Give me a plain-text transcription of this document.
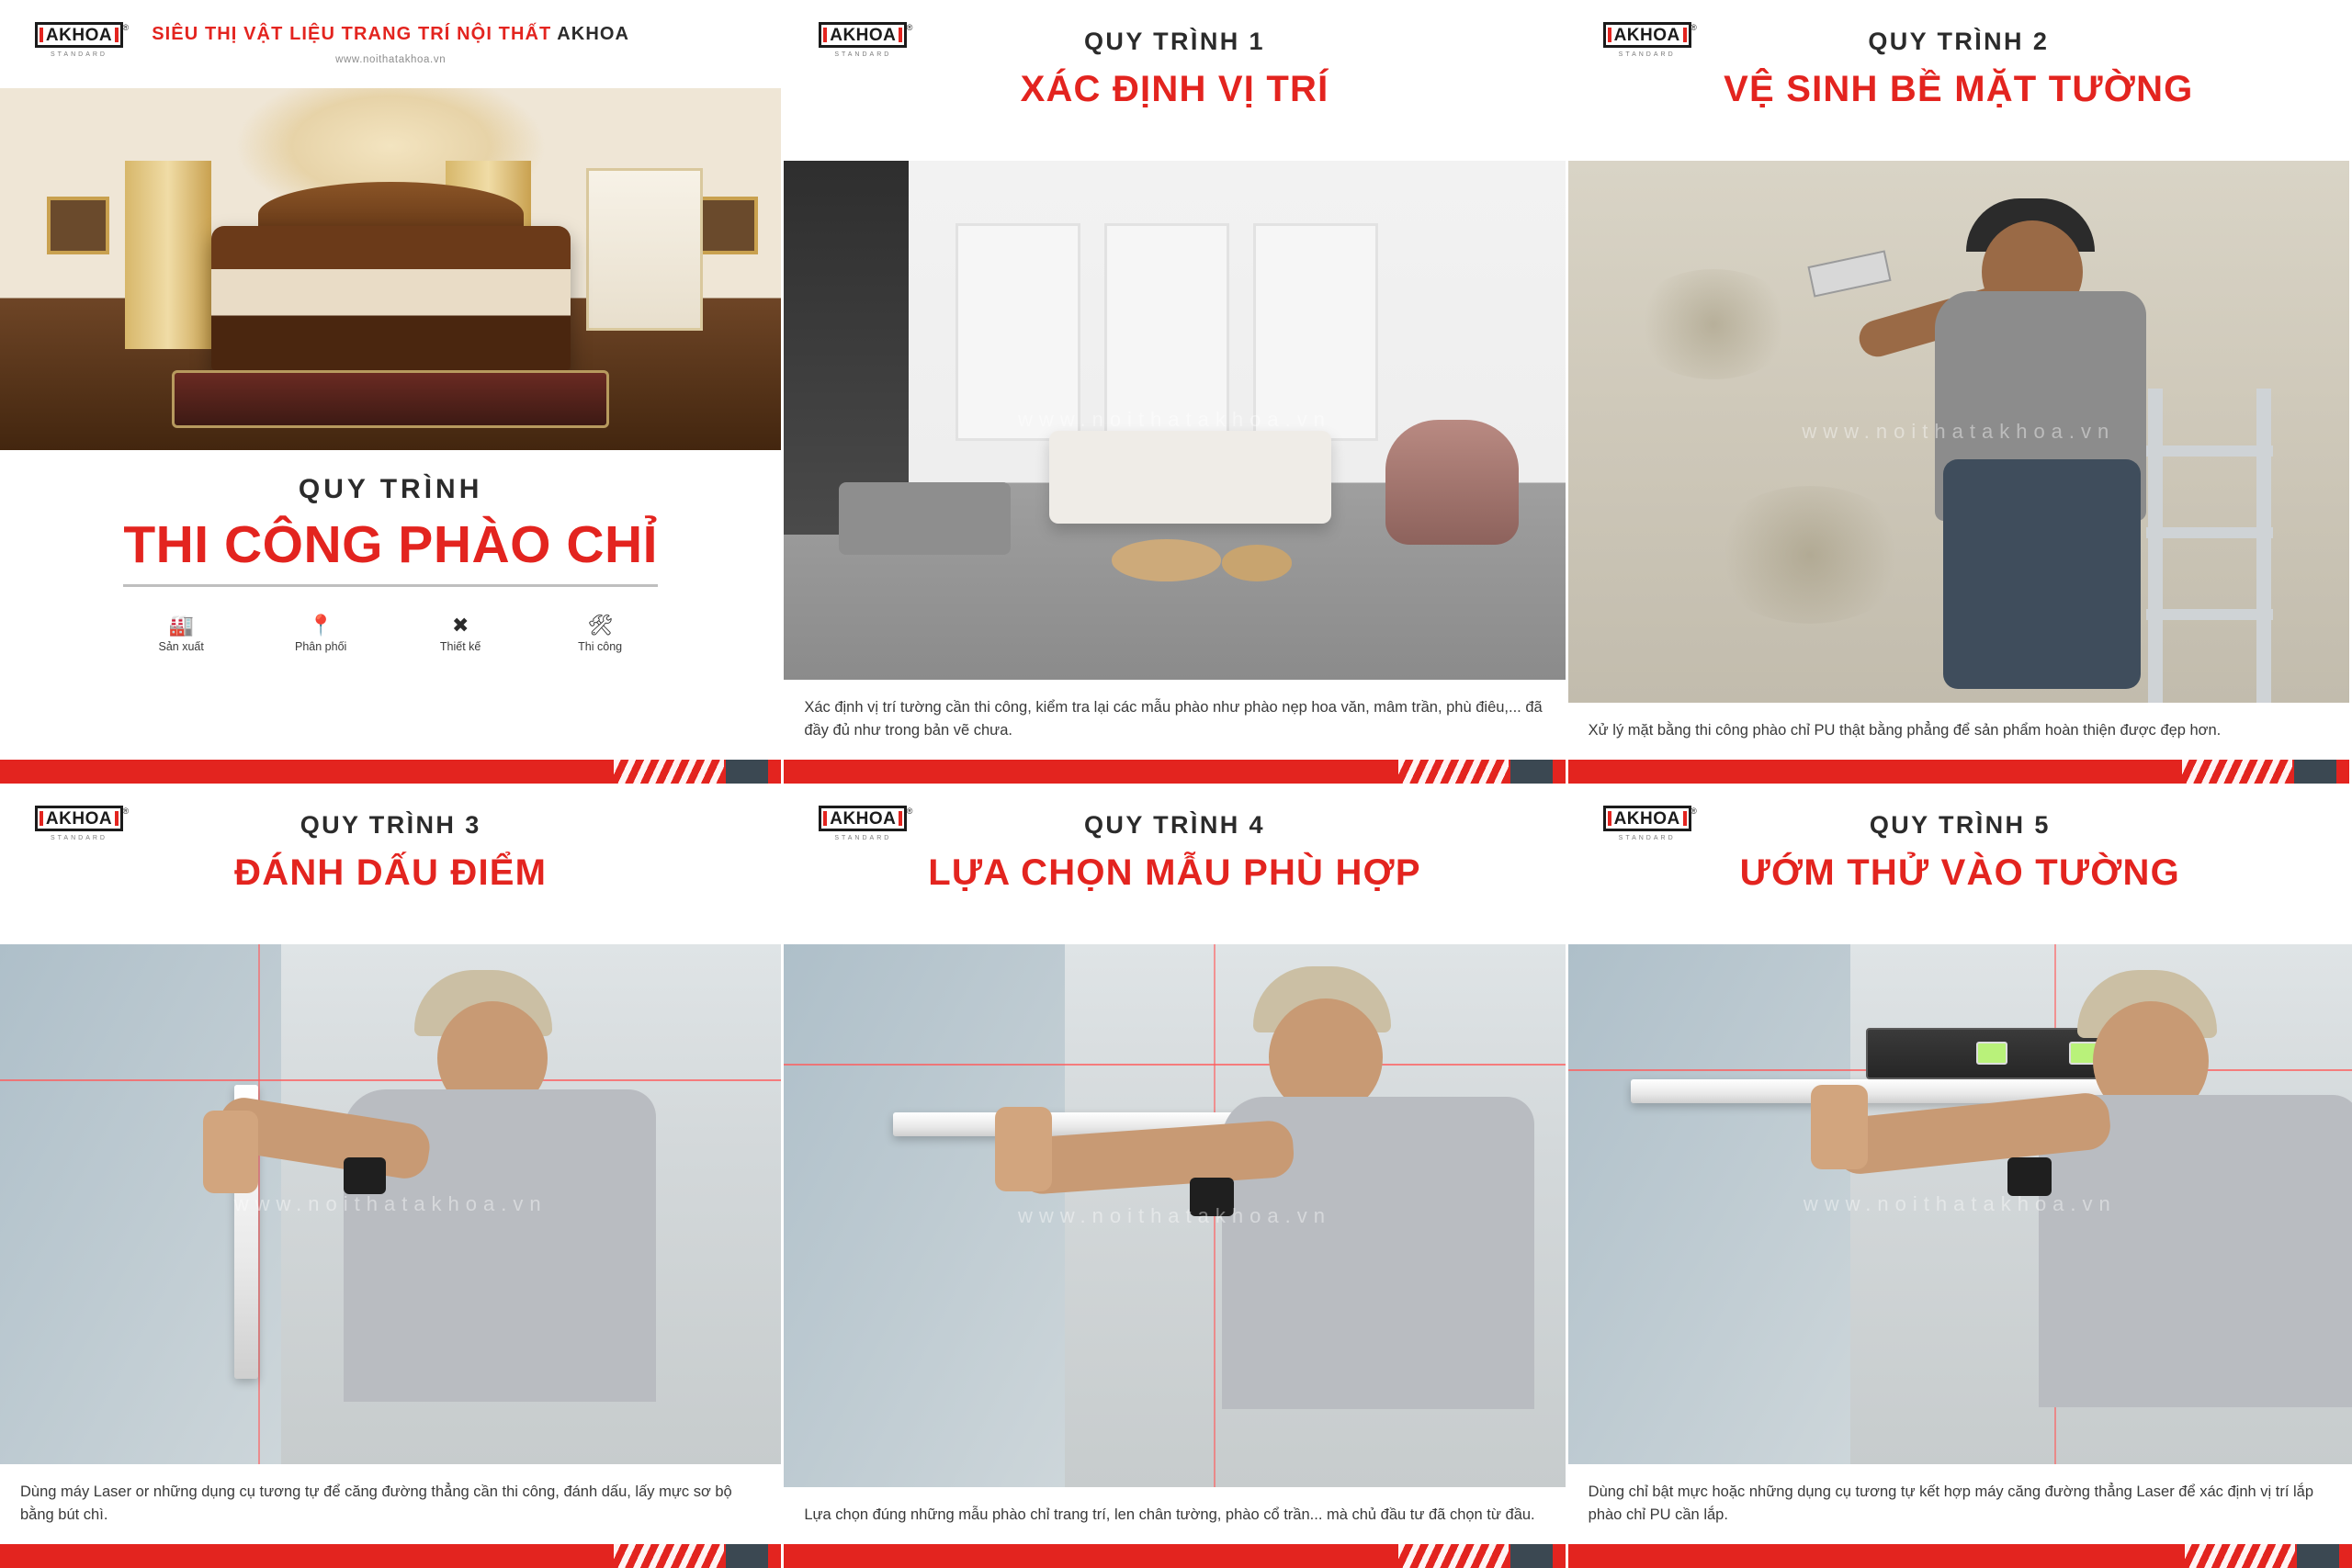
AKHOA ®
STANDARD
SIÊU THỊ VẬT LIỆU TRANG TRÍ NỘI THẤT AKHOA
www.noithatakhoa.vn
QUY TRÌNH
THI CÔNG PHÀO CHỈ
🏭
Sản xuất
📍
Phân phối
✖
Thiết kế
🛠
Thi công
AKHOA ®
STANDARD	QUY TRÌNH 1
XÁC ĐỊNH VỊ TRÍ
www.noithatakhoa.vn
Xác định vị trí tường cần thi công, kiểm tra lại các mẫu phào như phào nẹp hoa văn, mâm trần, phù điêu,... đã đầy đủ như trong bản vẽ chưa.
AKHOA ®
STANDARD	QUY TRÌNH 2
VỆ SINH BỀ MẶT TƯỜNG
www.noithatakhoa.vn
Xử lý mặt bằng thi công phào chỉ PU thật bằng phẳng để sản phẩm hoàn thiện được đẹp hơn.
AKHOA ®
STANDARD	QUY TRÌNH 3
ĐÁNH DẤU ĐIỂM
www.noithatakhoa.vn
Dùng máy Laser or những dụng cụ tương tự để căng đường thẳng cần thi công, đánh dấu, lấy mực sơ bộ bằng bút chì.
AKHOA ®
STANDARD	QUY TRÌNH 4
LỰA CHỌN MẪU PHÙ HỢP
www.noithatakhoa.vn
Lựa chọn đúng những mẫu phào chỉ trang trí, len chân tường, phào cổ trần... mà chủ đầu tư đã chọn từ đầu.
AKHOA ®
STANDARD	QUY TRÌNH 5
ƯỚM THỬ VÀO TƯỜNG
www.noithatakhoa.vn
Dùng chỉ bật mực hoặc những dụng cụ tương tự kết hợp máy căng đường thẳng Laser để xác định vị trí lắp phào chỉ PU cần lắp.
